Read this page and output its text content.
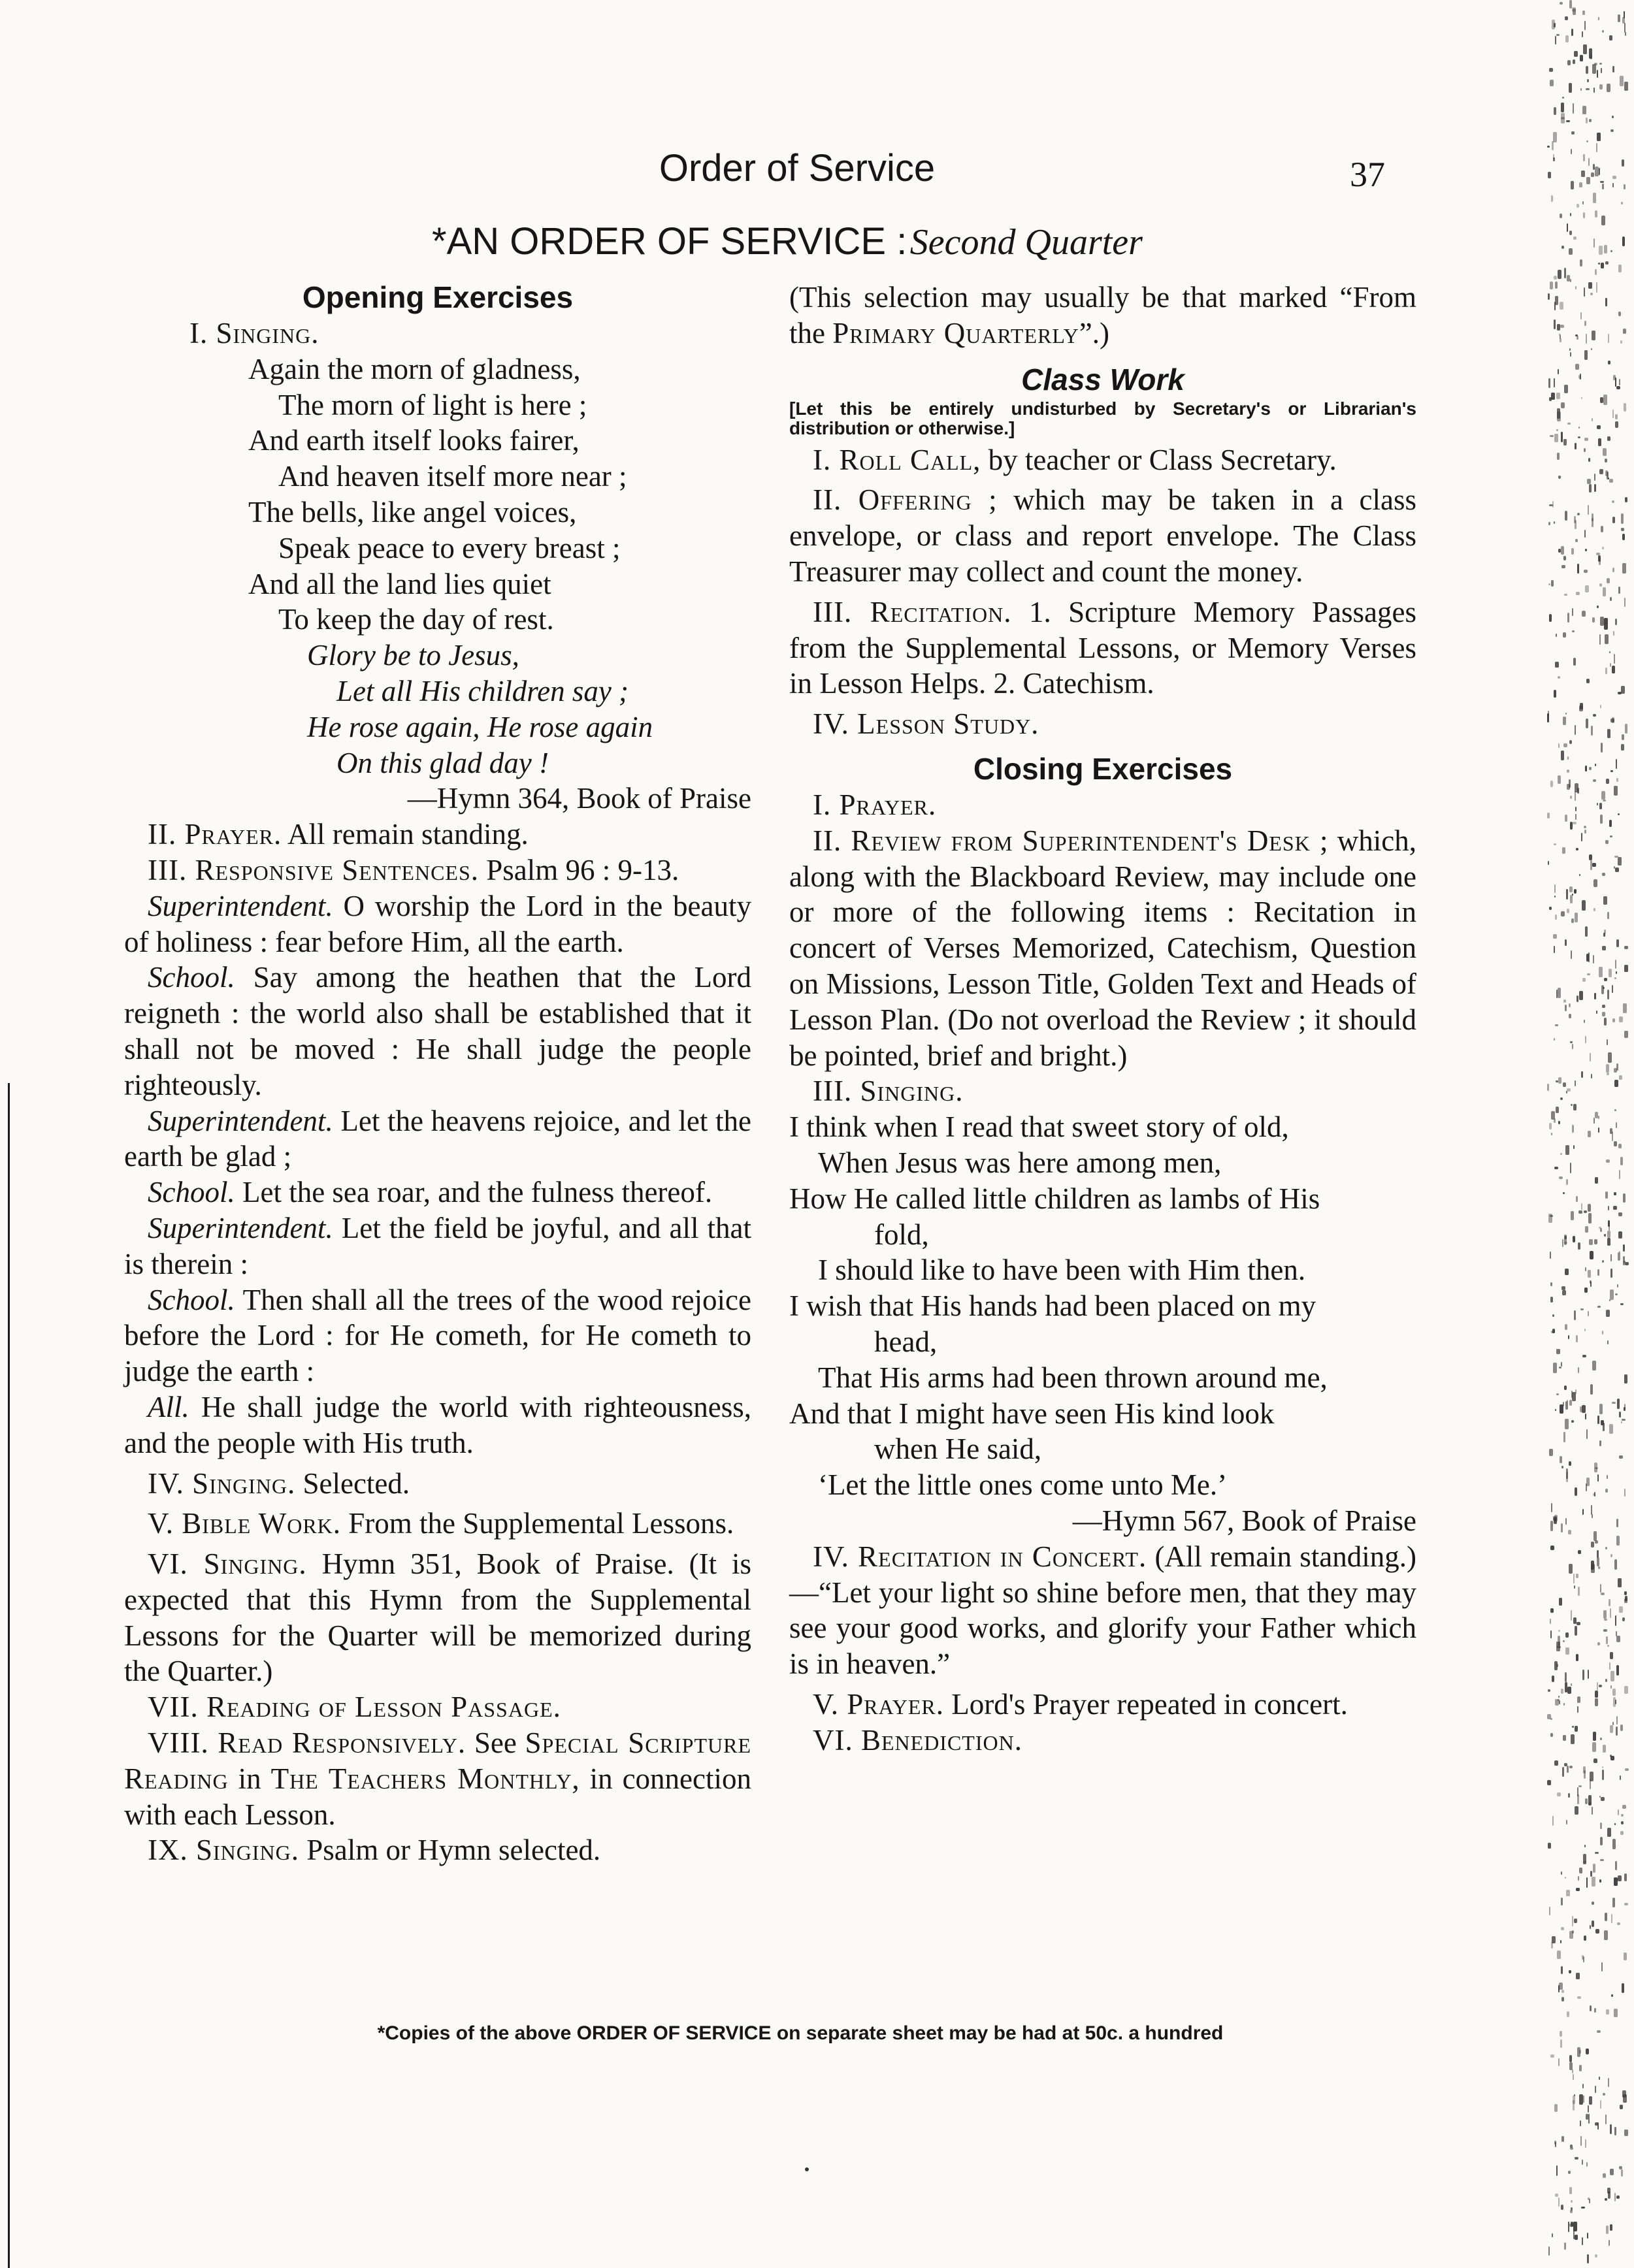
Order of Service	37
*AN ORDER OF SERVICE : Second Quarter
Opening Exercises
I. Singing.
Again the morn of gladness,
The morn of light is here ;
And earth itself looks fairer,
And heaven itself more near ;
The bells, like angel voices,
Speak peace to every breast ;
And all the land lies quiet
To keep the day of rest.
Glory be to Jesus,
Let all His children say ;
He rose again, He rose again
On this glad day !
—Hymn 364, Book of Praise

II. Prayer. All remain standing.

III. Responsive Sentences. Psalm 96 : 9-13.

Superintendent. O worship the Lord in the beauty of holiness : fear before Him, all the earth.

School. Say among the heathen that the Lord reigneth : the world also shall be established that it shall not be moved : He shall judge the people righteously.

Superintendent. Let the heavens rejoice, and let the earth be glad ;

School. Let the sea roar, and the fulness thereof.

Superintendent. Let the field be joyful, and all that is therein :

School. Then shall all the trees of the wood rejoice before the Lord : for He cometh, for He cometh to judge the earth :

All. He shall judge the world with righteousness, and the people with His truth.

IV. Singing. Selected.

V. Bible Work. From the Supplemental Lessons.

VI. Singing. Hymn 351, Book of Praise. (It is expected that this Hymn from the Supplemental Lessons for the Quarter will be memorized during the Quarter.)

VII. Reading of Lesson Passage.

VIII. Read Responsively. See Special Scripture Reading in The Teachers Monthly, in connection with each Lesson.

IX. Singing. Psalm or Hymn selected.

(This selection may usually be that marked “From the Primary Quarterly”.)

Class Work
[Let this be entirely undisturbed by Secretary's or Librarian's distribution or otherwise.]

I. Roll Call, by teacher or Class Secretary.

II. Offering ; which may be taken in a class envelope, or class and report envelope. The Class Treasurer may collect and count the money.

III. Recitation. 1. Scripture Memory Passages from the Supplemental Lessons, or Memory Verses in Lesson Helps. 2. Catechism.

IV. Lesson Study.

Closing Exercises

I. Prayer.

II. Review from Superintendent's Desk ; which, along with the Blackboard Review, may include one or more of the following items : Recitation in concert of Verses Memorized, Catechism, Question on Missions, Lesson Title, Golden Text and Heads of Lesson Plan. (Do not overload the Review ; it should be pointed, brief and bright.)

III. Singing.

I think when I read that sweet story of old,
When Jesus was here among men,
How He called little children as lambs of His
fold,
I should like to have been with Him then.
I wish that His hands had been placed on my
head,
That His arms had been thrown around me,
And that I might have seen His kind look
when He said,
‘Let the little ones come unto Me.’
—Hymn 567, Book of Praise

IV. Recitation in Concert. (All remain standing.)—“Let your light so shine before men, that they may see your good works, and glorify your Father which is in heaven.”

V. Prayer. Lord's Prayer repeated in concert.

VI. Benediction.

*Copies of the above ORDER OF SERVICE on separate sheet may be had at 50c. a hundred
